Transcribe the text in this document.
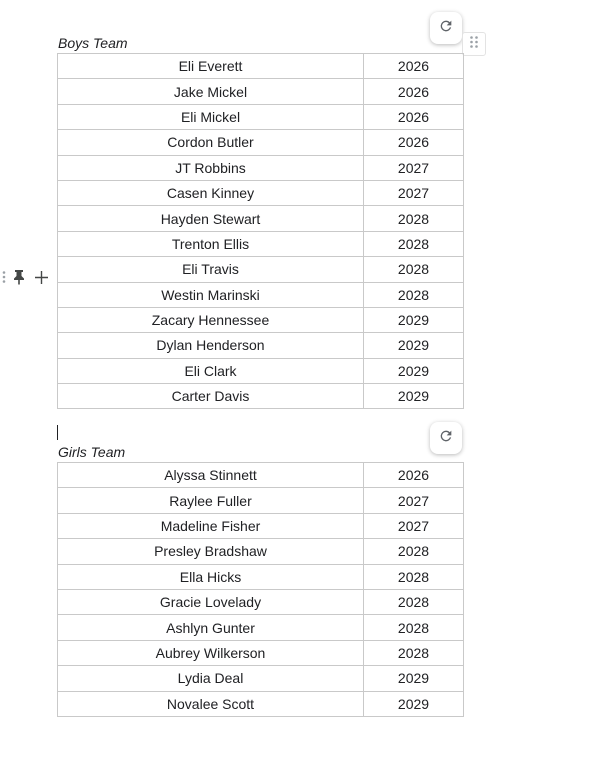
Boys Team
Eli Everett	2026
Jake Mickel	2026
Eli Mickel	2026
Cordon Butler	2026
JT Robbins	2027
Casen Kinney	2027
Hayden Stewart	2028
Trenton Ellis	2028
Eli Travis	2028
Westin Marinski	2028
Zacary Hennessee	2029
Dylan Henderson	2029
Eli Clark	2029
Carter Davis	2029
Girls Team
Alyssa Stinnett	2026
Raylee Fuller	2027
Madeline Fisher	2027
Presley Bradshaw	2028
Ella Hicks	2028
Gracie Lovelady	2028
Ashlyn Gunter	2028
Aubrey Wilkerson	2028
Lydia Deal	2029
Novalee Scott	2029
